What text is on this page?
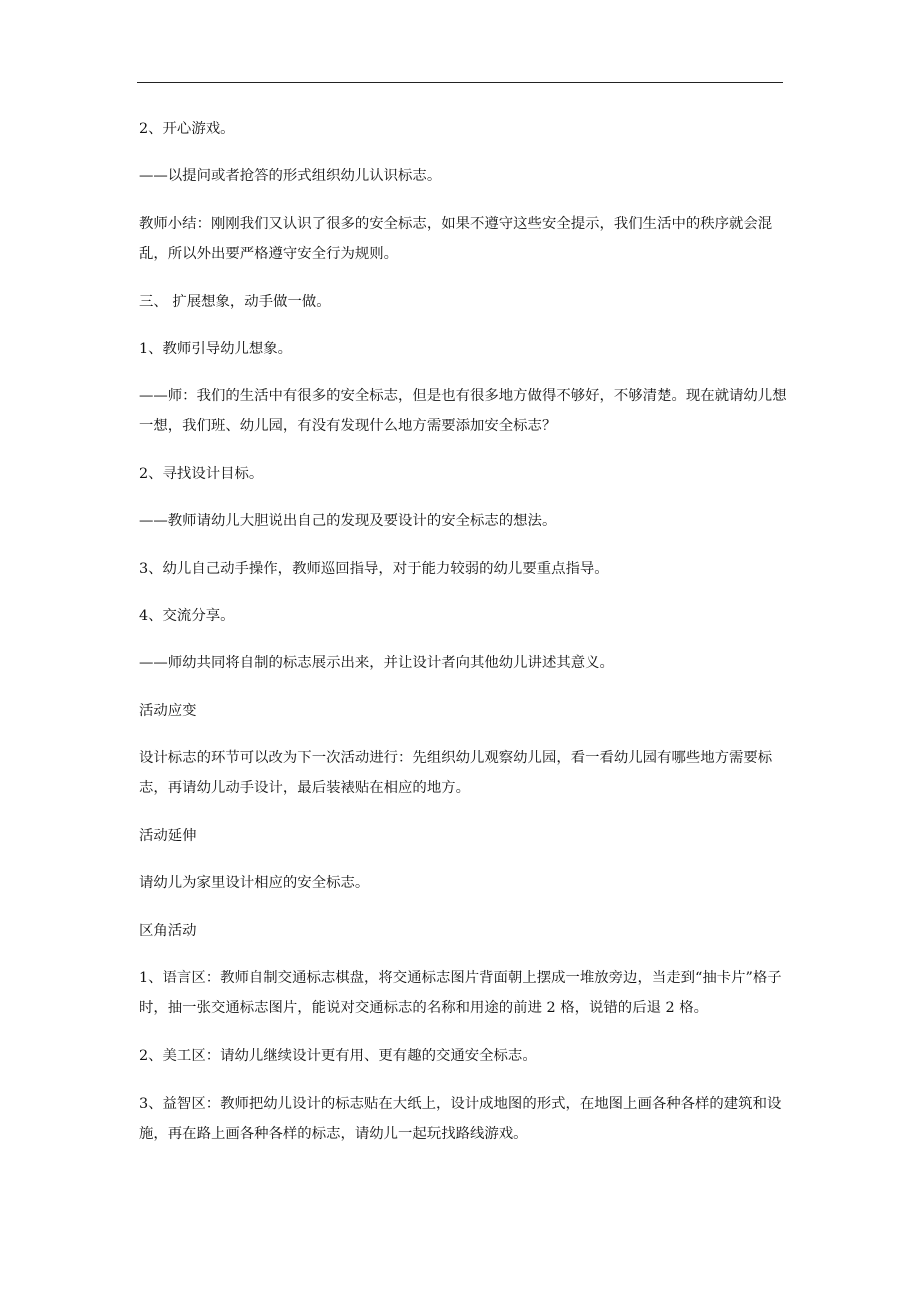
2、开心游戏。

——以提问或者抢答的形式组织幼儿认识标志。

教师小结：刚刚我们又认识了很多的安全标志，如果不遵守这些安全提示，我们生活中的秩序就会混乱，所以外出要严格遵守安全行为规则。

三、 扩展想象，动手做一做。

1、教师引导幼儿想象。

——师：我们的生活中有很多的安全标志，但是也有很多地方做得不够好，不够清楚。现在就请幼儿想一想，我们班、幼儿园，有没有发现什么地方需要添加安全标志？

2、寻找设计目标。

——教师请幼儿大胆说出自己的发现及要设计的安全标志的想法。

3、幼儿自己动手操作，教师巡回指导，对于能力较弱的幼儿要重点指导。

4、交流分享。

——师幼共同将自制的标志展示出来，并让设计者向其他幼儿讲述其意义。

活动应变

设计标志的环节可以改为下一次活动进行：先组织幼儿观察幼儿园，看一看幼儿园有哪些地方需要标志，再请幼儿动手设计，最后装裱贴在相应的地方。

活动延伸

请幼儿为家里设计相应的安全标志。

区角活动

1、语言区：教师自制交通标志棋盘，将交通标志图片背面朝上摆成一堆放旁边，当走到“抽卡片”格子时，抽一张交通标志图片，能说对交通标志的名称和用途的前进 2 格，说错的后退 2 格。

2、美工区：请幼儿继续设计更有用、更有趣的交通安全标志。

3、益智区：教师把幼儿设计的标志贴在大纸上，设计成地图的形式，在地图上画各种各样的建筑和设施，再在路上画各种各样的标志，请幼儿一起玩找路线游戏。
